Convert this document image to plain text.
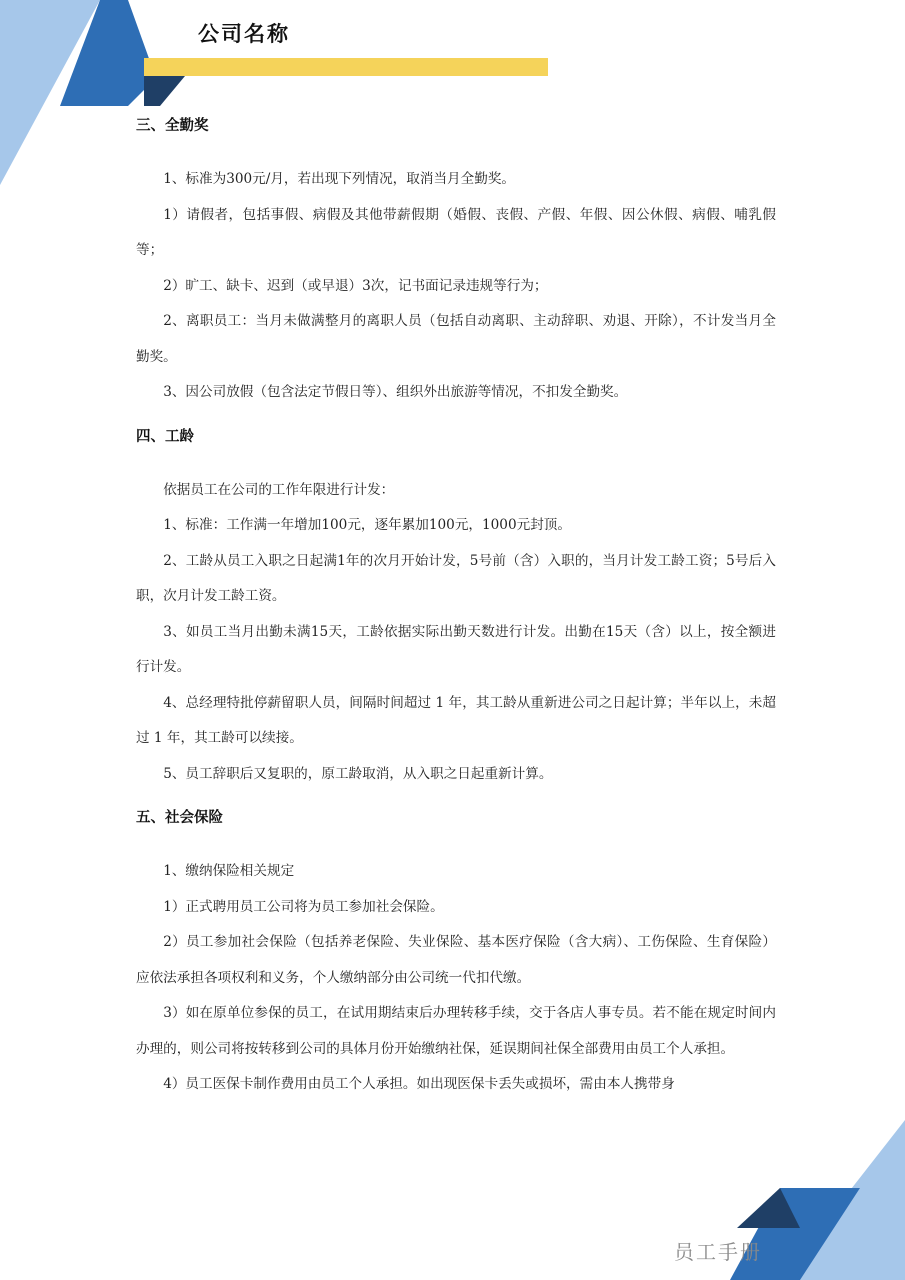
公司名称
三、全勤奖

1、标准为300元/月，若出现下列情况，取消当月全勤奖。

1）请假者，包括事假、病假及其他带薪假期（婚假、丧假、产假、年假、因公休假、病假、哺乳假等；

2）旷工、缺卡、迟到（或早退）3次，记书面记录违规等行为；

2、离职员工：当月未做满整月的离职人员（包括自动离职、主动辞职、劝退、开除），不计发当月全勤奖。

3、因公司放假（包含法定节假日等）、组织外出旅游等情况，不扣发全勤奖。

四、工龄

依据员工在公司的工作年限进行计发：

1、标准：工作满一年增加100元，逐年累加100元，1000元封顶。

2、工龄从员工入职之日起满1年的次月开始计发，5号前（含）入职的，当月计发工龄工资；5号后入职，次月计发工龄工资。

3、如员工当月出勤未满15天，工龄依据实际出勤天数进行计发。出勤在15天（含）以上，按全额进行计发。

4、总经理特批停薪留职人员，间隔时间超过 1 年，其工龄从重新进公司之日起计算；半年以上，未超过 1 年，其工龄可以续接。

5、员工辞职后又复职的，原工龄取消，从入职之日起重新计算。

五、社会保险

1、缴纳保险相关规定

1）正式聘用员工公司将为员工参加社会保险。

2）员工参加社会保险（包括养老保险、失业保险、基本医疗保险（含大病）、工伤保险、生育保险）应依法承担各项权利和义务，个人缴纳部分由公司统一代扣代缴。

3）如在原单位参保的员工，在试用期结束后办理转移手续，交于各店人事专员。若不能在规定时间内办理的，则公司将按转移到公司的具体月份开始缴纳社保，延误期间社保全部费用由员工个人承担。

4）员工医保卡制作费用由员工个人承担。如出现医保卡丢失或损坏，需由本人携带身

员工手册
